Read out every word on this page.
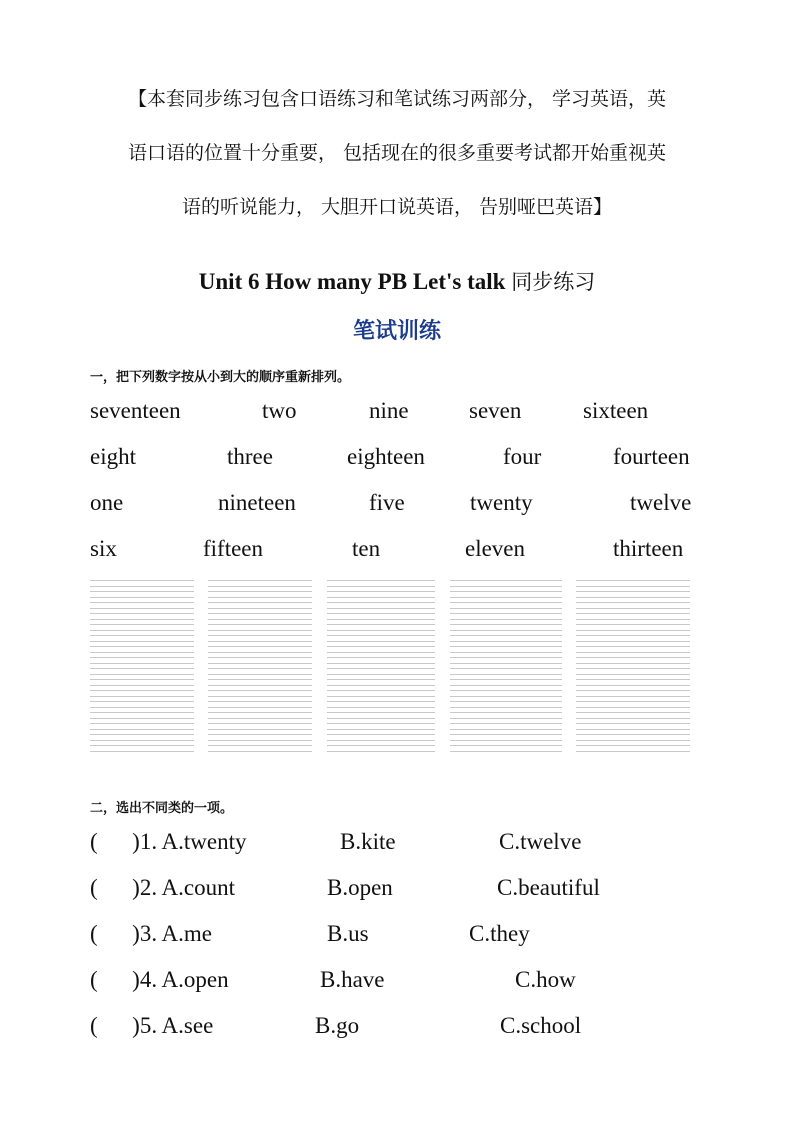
【本套同步练习包含口语练习和笔试练习两部分， 学习英语，英
语口语的位置十分重要， 包括现在的很多重要考试都开始重视英
语的听说能力， 大胆开口说英语， 告别哑巴英语】
Unit 6 How many PB Let's talk 同步练习
笔试训练
一，把下列数字按从小到大的顺序重新排列。
seventeen	two	nine	seven	sixteen
eight	three	eighteen	four	fourteen
one	nineteen	five	twenty	twelve
six	fifteen	ten	eleven	thirteen
二，选出不同类的一项。
(      )1. A.twenty	B.kite	C.twelve
(      )2. A.count	B.open	C.beautiful
(      )3. A.me	B.us	C.they
(      )4. A.open	B.have	C.how
(      )5. A.see	B.go	C.school
